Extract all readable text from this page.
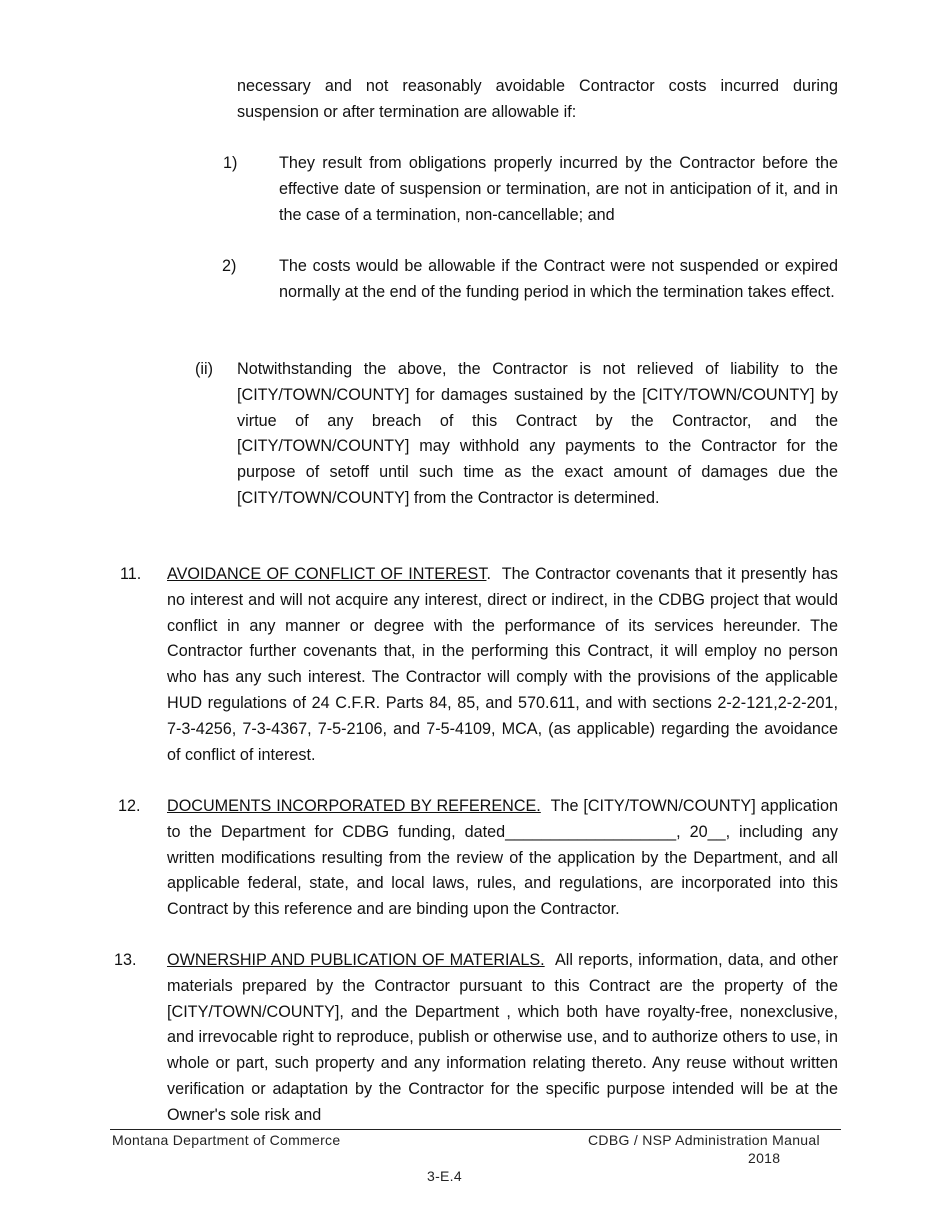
necessary and not reasonably avoidable Contractor costs incurred during suspension or after termination are allowable if:

1)	They result from obligations properly incurred by the Contractor before the effective date of suspension or termination, are not in anticipation of it, and in the case of a termination, non-cancellable; and

2)	The costs would be allowable if the Contract were not suspended or expired normally at the end of the funding period in which the termination takes effect.

(ii) Notwithstanding the above, the Contractor is not relieved of liability to the [CITY/TOWN/COUNTY] for damages sustained by the [CITY/TOWN/COUNTY] by virtue of any breach of this Contract by the Contractor, and the [CITY/TOWN/COUNTY] may withhold any payments to the Contractor for the purpose of setoff until such time as the exact amount of damages due the [CITY/TOWN/COUNTY] from the Contractor is determined.

11. AVOIDANCE OF CONFLICT OF INTEREST. The Contractor covenants that it presently has no interest and will not acquire any interest, direct or indirect, in the CDBG project that would conflict in any manner or degree with the performance of its services hereunder. The Contractor further covenants that, in the performing this Contract, it will employ no person who has any such interest. The Contractor will comply with the provisions of the applicable HUD regulations of 24 C.F.R. Parts 84, 85, and 570.611, and with sections 2-2-121,2-2-201, 7-3-4256, 7-3-4367, 7-5-2106, and 7-5-4109, MCA, (as applicable) regarding the avoidance of conflict of interest.

12. DOCUMENTS INCORPORATED BY REFERENCE. The [CITY/TOWN/COUNTY] application to the Department for CDBG funding, dated___________________, 20__, including any written modifications resulting from the review of the application by the Department, and all applicable federal, state, and local laws, rules, and regulations, are incorporated into this Contract by this reference and are binding upon the Contractor.

13. OWNERSHIP AND PUBLICATION OF MATERIALS. All reports, information, data, and other materials prepared by the Contractor pursuant to this Contract are the property of the [CITY/TOWN/COUNTY], and the Department , which both have royalty-free, nonexclusive, and irrevocable right to reproduce, publish or otherwise use, and to authorize others to use, in whole or part, such property and any information relating thereto. Any reuse without written verification or adaptation by the Contractor for the specific purpose intended will be at the Owner's sole risk and

Montana Department of Commerce	CDBG / NSP Administration Manual
2018
3-E.4
